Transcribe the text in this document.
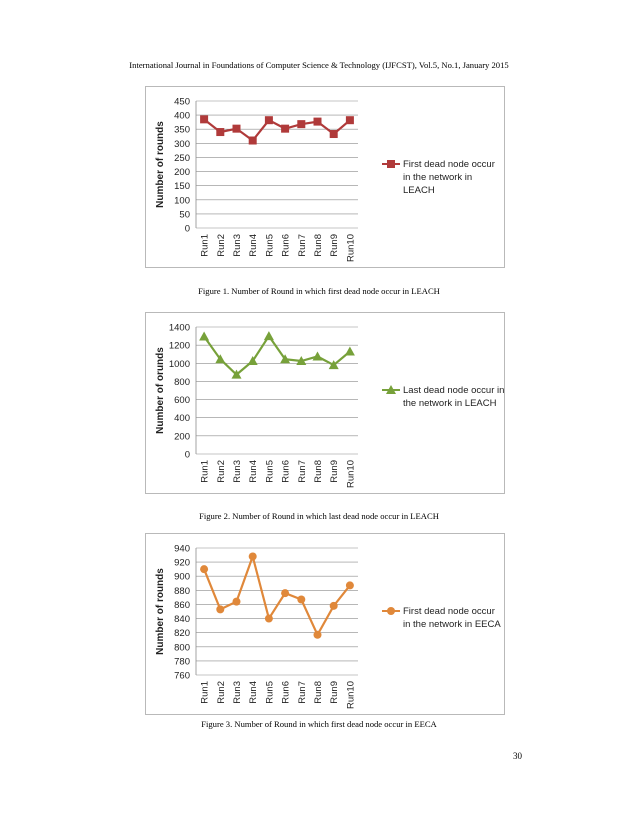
International Journal in Foundations of Computer Science & Technology (IJFCST), Vol.5, No.1, January 2015
0
50
100
150
200
250
300
350
400
450
Number of rounds
Run1 Run2 Run3 Run4 Run5 Run6 Run7 Run8 Run9 Run10
First dead node occur
in the network in
LEACH
Figure 1. Number of Round in which first dead node occur in LEACH
0
200
400
600
800
1000
1200
1400
Number of orunds
Run1 Run2 Run3 Run4 Run5 Run6 Run7 Run8 Run9 Run10
Last dead node occur in
the network in LEACH
Figure 2. Number of Round in which last dead node occur in LEACH
760
780
800
820
840
860
880
900
920
940
Number of rounds
Run1 Run2 Run3 Run4 Run5 Run6 Run7 Run8 Run9 Run10
First dead node occur
in the network in EECA
Figure 3. Number of Round in which first dead node occur in EECA
30
